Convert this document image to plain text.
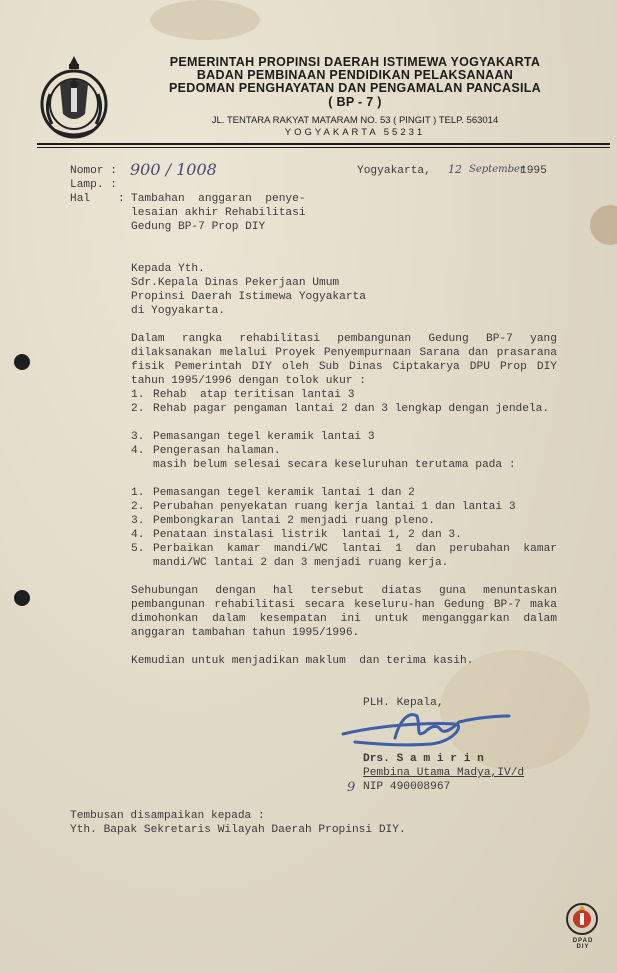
PEMERINTAH PROPINSI DAERAH ISTIMEWA YOGYAKARTA
BADAN PEMBINAAN PENDIDIKAN PELAKSANAAN
PEDOMAN PENGHAYATAN DAN PENGAMALAN PANCASILA
( BP - 7 )
JL. TENTARA RAKYAT MATARAM NO. 53 ( PINGIT ) TELP. 563014
YOGYAKARTA 55231
Nomor : 900 / 1008
Lamp. :
Hal : Tambahan  anggaran  penye-
lesaian akhir Rehabilitasi
Gedung BP-7 Prop DIY
Yogyakarta, 12 September
1995
Kepada Yth.
Sdr.Kepala Dinas Pekerjaan Umum
Propinsi Daerah Istimewa Yogyakarta
di Yogyakarta.
Dalam rangka rehabilitasi pembangunan Gedung BP-7 yang dilaksanakan melalui Proyek Penyempurnaan Sarana dan prasarana fisik Pemerintah DIY oleh Sub Dinas Ciptakarya DPU Prop DIY tahun 1995/1996 dengan tolok ukur :
1. Rehab  atap teritisan lantai 3
2. Rehab pagar pengaman lantai 2 dan 3 lengkap dengan jendela.
3. Pemasangan tegel keramik lantai 3
4. Pengerasan halaman.
masih belum selesai secara keseluruhan terutama pada :
1. Pemasangan tegel keramik lantai 1 dan 2
2. Perubahan penyekatan ruang kerja lantai 1 dan lantai 3
3. Pembongkaran lantai 2 menjadi ruang pleno.
4. Penataan instalasi listrik  lantai 1, 2 dan 3.
5. Perbaikan kamar mandi/WC lantai 1 dan perubahan kamar mandi/WC lantai 2 dan 3 menjadi ruang kerja.
Sehubungan dengan hal tersebut diatas guna menuntaskan pembangunan rehabilitasi secara keseluru-han Gedung BP-7 maka dimohonkan dalam kesempatan ini untuk menganggarkan dalam anggaran tambahan tahun 1995/1996.
Kemudian untuk menjadikan maklum  dan terima kasih.
PLH. Kepala,
Drs. S a m i r i n
Pembina Utama Madya,IV/d
9 NIP 490008967
Tembusan disampaikan kepada :
Yth. Bapak Sekretaris Wilayah Daerah Propinsi DIY.
DPAD DIY
